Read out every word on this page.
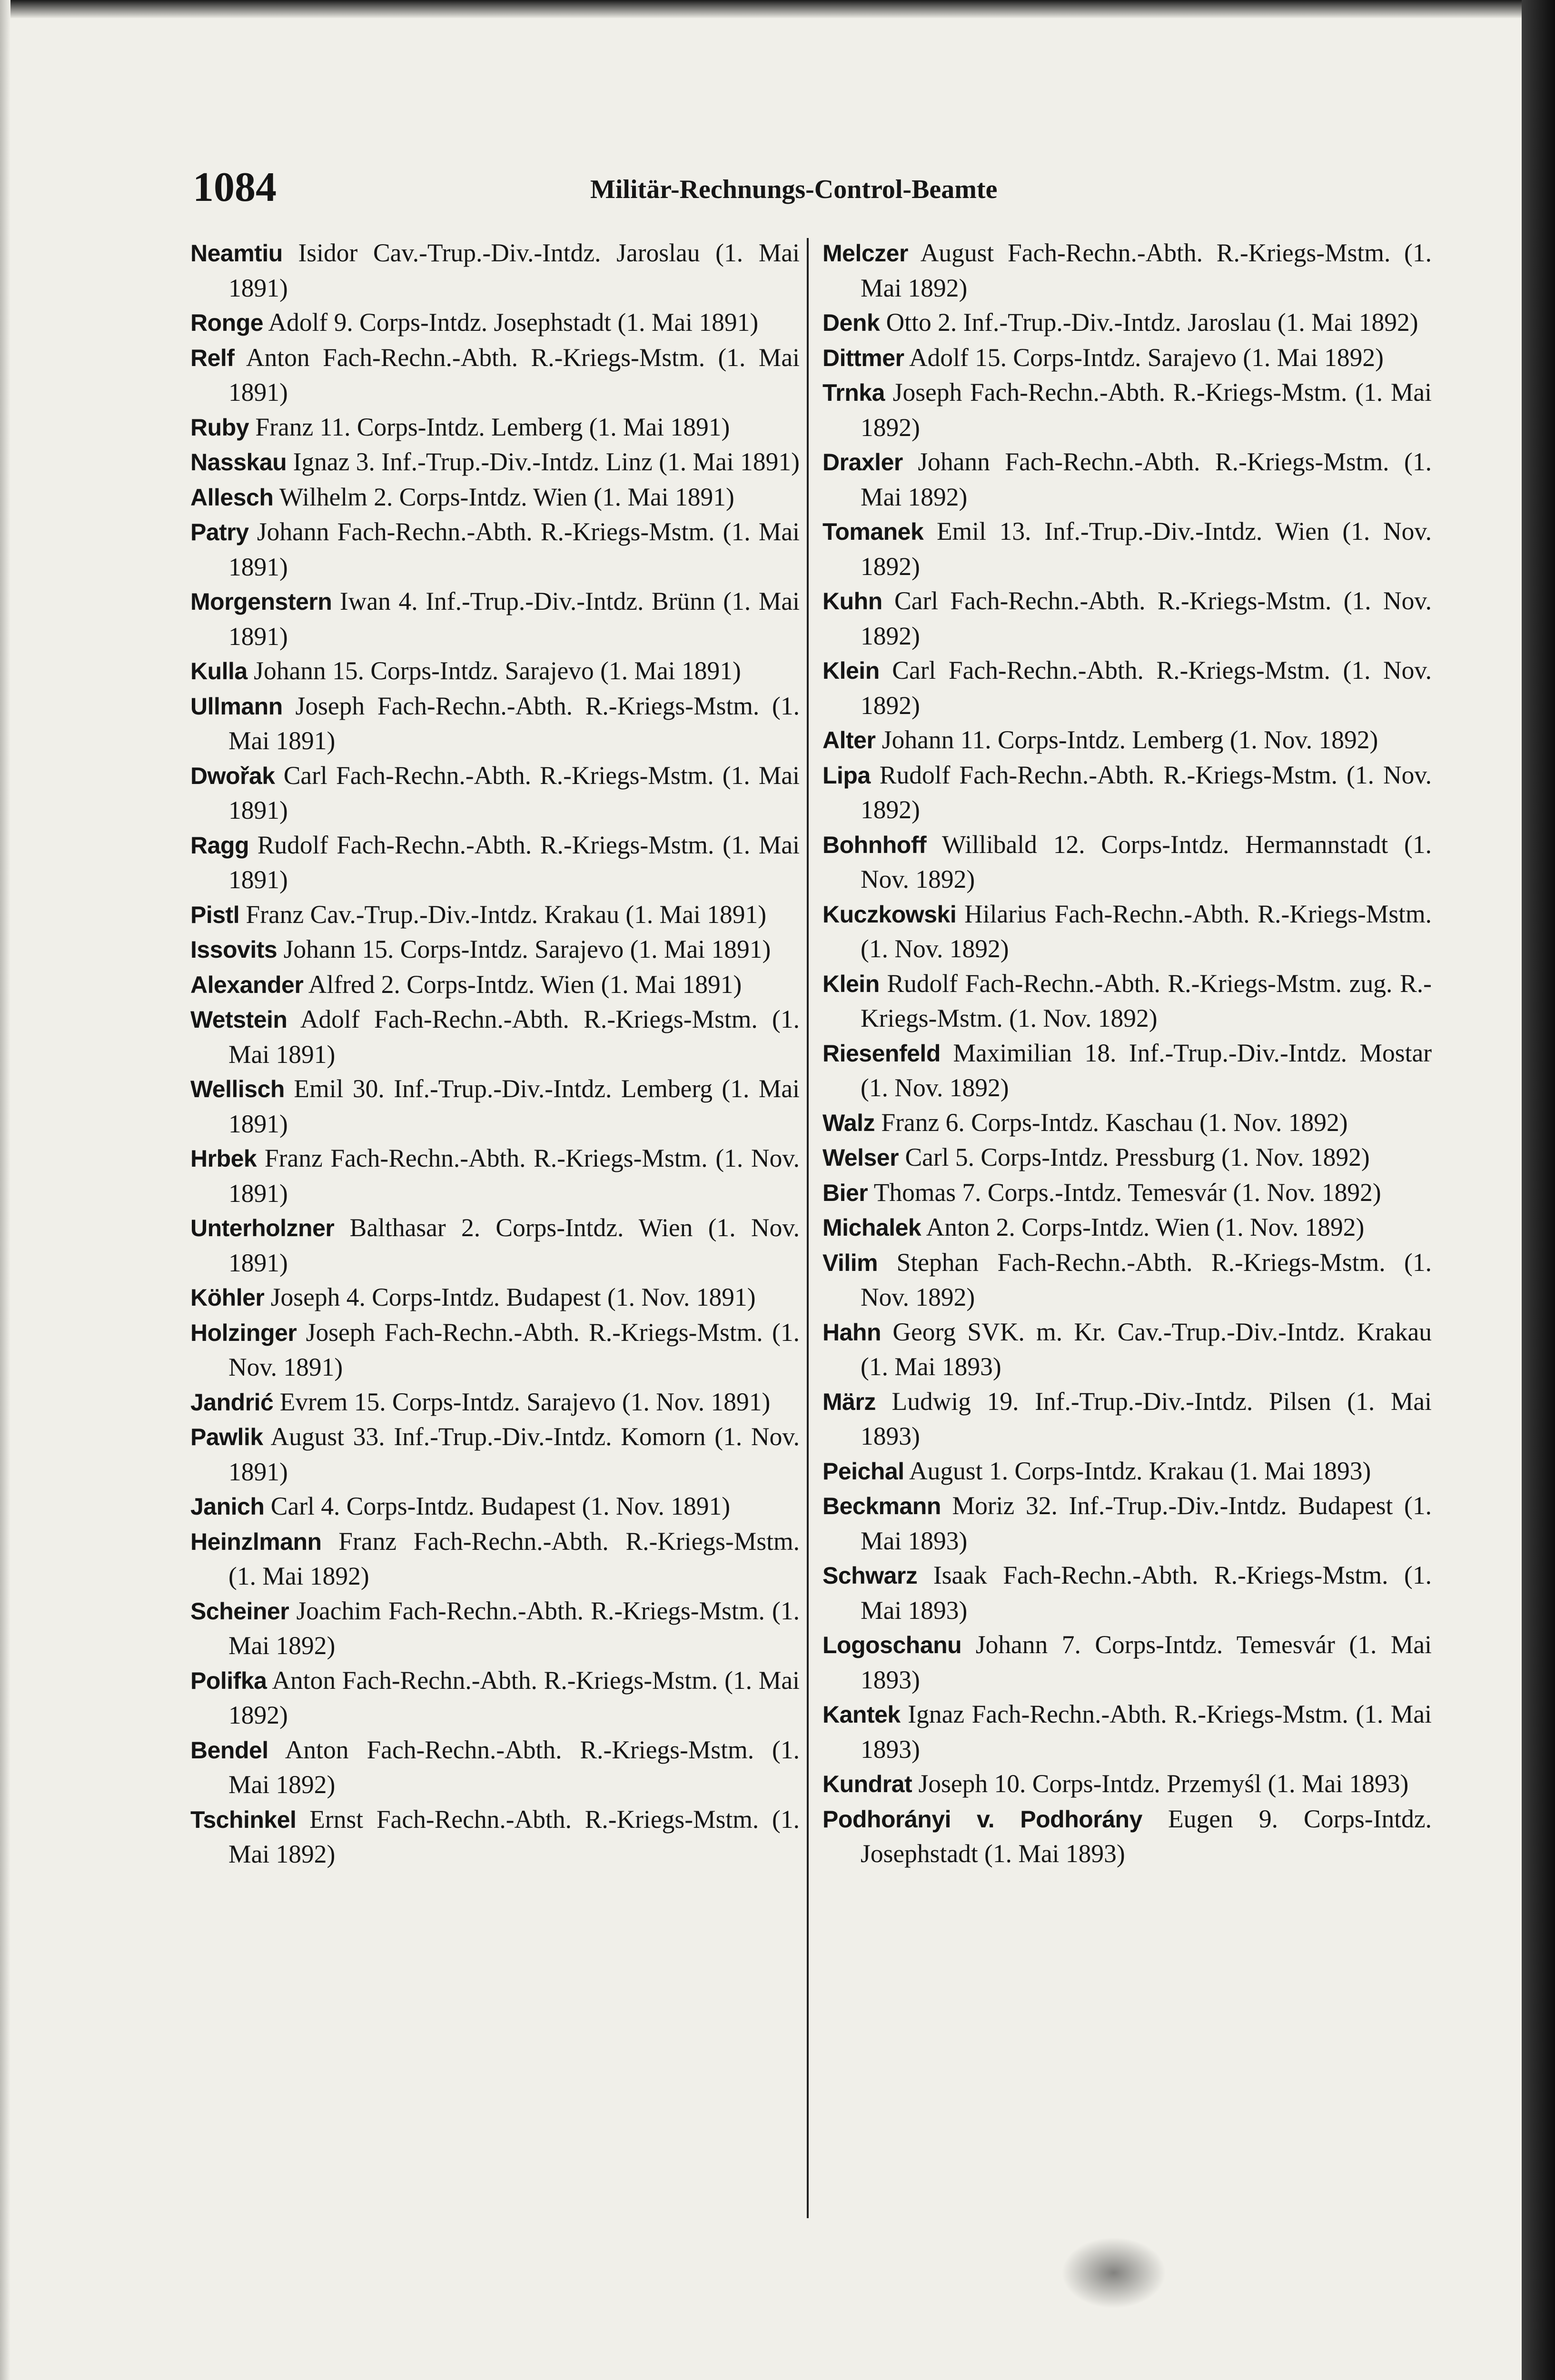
1084	Militär-Rechnungs-Control-Beamte

Neamtiu Isidor Cav.-Trup.-Div.-Intdz. Jaroslau (1. Mai 1891)

Ronge Adolf 9. Corps-Intdz. Josephstadt (1. Mai 1891)

Relf Anton Fach-Rechn.-Abth. R.-Kriegs-Mstm. (1. Mai 1891)

Ruby Franz 11. Corps-Intdz. Lemberg (1. Mai 1891)

Nasskau Ignaz 3. Inf.-Trup.-Div.-Intdz. Linz (1. Mai 1891)

Allesch Wilhelm 2. Corps-Intdz. Wien (1. Mai 1891)

Patry Johann Fach-Rechn.-Abth. R.-Kriegs-Mstm. (1. Mai 1891)

Morgenstern Iwan 4. Inf.-Trup.-Div.-Intdz. Brünn (1. Mai 1891)

Kulla Johann 15. Corps-Intdz. Sarajevo (1. Mai 1891)

Ullmann Joseph Fach-Rechn.-Abth. R.-Kriegs-Mstm. (1. Mai 1891)

Dwořak Carl Fach-Rechn.-Abth. R.-Kriegs-Mstm. (1. Mai 1891)

Ragg Rudolf Fach-Rechn.-Abth. R.-Kriegs-Mstm. (1. Mai 1891)

Pistl Franz Cav.-Trup.-Div.-Intdz. Krakau (1. Mai 1891)

Issovits Johann 15. Corps-Intdz. Sarajevo (1. Mai 1891)

Alexander Alfred 2. Corps-Intdz. Wien (1. Mai 1891)

Wetstein Adolf Fach-Rechn.-Abth. R.-Kriegs-Mstm. (1. Mai 1891)

Wellisch Emil 30. Inf.-Trup.-Div.-Intdz. Lemberg (1. Mai 1891)

Hrbek Franz Fach-Rechn.-Abth. R.-Kriegs-Mstm. (1. Nov. 1891)

Unterholzner Balthasar 2. Corps-Intdz. Wien (1. Nov. 1891)

Köhler Joseph 4. Corps-Intdz. Budapest (1. Nov. 1891)

Holzinger Joseph Fach-Rechn.-Abth. R.-Kriegs-Mstm. (1. Nov. 1891)

Jandrić Evrem 15. Corps-Intdz. Sarajevo (1. Nov. 1891)

Pawlik August 33. Inf.-Trup.-Div.-Intdz. Komorn (1. Nov. 1891)

Janich Carl 4. Corps-Intdz. Budapest (1. Nov. 1891)

Heinzlmann Franz Fach-Rechn.-Abth. R.-Kriegs-Mstm. (1. Mai 1892)

Scheiner Joachim Fach-Rechn.-Abth. R.-Kriegs-Mstm. (1. Mai 1892)

Polifka Anton Fach-Rechn.-Abth. R.-Kriegs-Mstm. (1. Mai 1892)

Bendel Anton Fach-Rechn.-Abth. R.-Kriegs-Mstm. (1. Mai 1892)

Tschinkel Ernst Fach-Rechn.-Abth. R.-Kriegs-Mstm. (1. Mai 1892)

Melczer August Fach-Rechn.-Abth. R.-Kriegs-Mstm. (1. Mai 1892)

Denk Otto 2. Inf.-Trup.-Div.-Intdz. Jaroslau (1. Mai 1892)

Dittmer Adolf 15. Corps-Intdz. Sarajevo (1. Mai 1892)

Trnka Joseph Fach-Rechn.-Abth. R.-Kriegs-Mstm. (1. Mai 1892)

Draxler Johann Fach-Rechn.-Abth. R.-Kriegs-Mstm. (1. Mai 1892)

Tomanek Emil 13. Inf.-Trup.-Div.-Intdz. Wien (1. Nov. 1892)

Kuhn Carl Fach-Rechn.-Abth. R.-Kriegs-Mstm. (1. Nov. 1892)

Klein Carl Fach-Rechn.-Abth. R.-Kriegs-Mstm. (1. Nov. 1892)

Alter Johann 11. Corps-Intdz. Lemberg (1. Nov. 1892)

Lipa Rudolf Fach-Rechn.-Abth. R.-Kriegs-Mstm. (1. Nov. 1892)

Bohnhoff Willibald 12. Corps-Intdz. Hermannstadt (1. Nov. 1892)

Kuczkowski Hilarius Fach-Rechn.-Abth. R.-Kriegs-Mstm. (1. Nov. 1892)

Klein Rudolf Fach-Rechn.-Abth. R.-Kriegs-Mstm. zug. R.-Kriegs-Mstm. (1. Nov. 1892)

Riesenfeld Maximilian 18. Inf.-Trup.-Div.-Intdz. Mostar (1. Nov. 1892)

Walz Franz 6. Corps-Intdz. Kaschau (1. Nov. 1892)

Welser Carl 5. Corps-Intdz. Pressburg (1. Nov. 1892)

Bier Thomas 7. Corps.-Intdz. Temesvár (1. Nov. 1892)

Michalek Anton 2. Corps-Intdz. Wien (1. Nov. 1892)

Vilim Stephan Fach-Rechn.-Abth. R.-Kriegs-Mstm. (1. Nov. 1892)

Hahn Georg SVK. m. Kr. Cav.-Trup.-Div.-Intdz. Krakau (1. Mai 1893)

März Ludwig 19. Inf.-Trup.-Div.-Intdz. Pilsen (1. Mai 1893)

Peichal August 1. Corps-Intdz. Krakau (1. Mai 1893)

Beckmann Moriz 32. Inf.-Trup.-Div.-Intdz. Budapest (1. Mai 1893)

Schwarz Isaak Fach-Rechn.-Abth. R.-Kriegs-Mstm. (1. Mai 1893)

Logoschanu Johann 7. Corps-Intdz. Temesvár (1. Mai 1893)

Kantek Ignaz Fach-Rechn.-Abth. R.-Kriegs-Mstm. (1. Mai 1893)

Kundrat Joseph 10. Corps-Intdz. Przemyśl (1. Mai 1893)

Podhorányi v. Podhorány Eugen 9. Corps-Intdz. Josephstadt (1. Mai 1893)
